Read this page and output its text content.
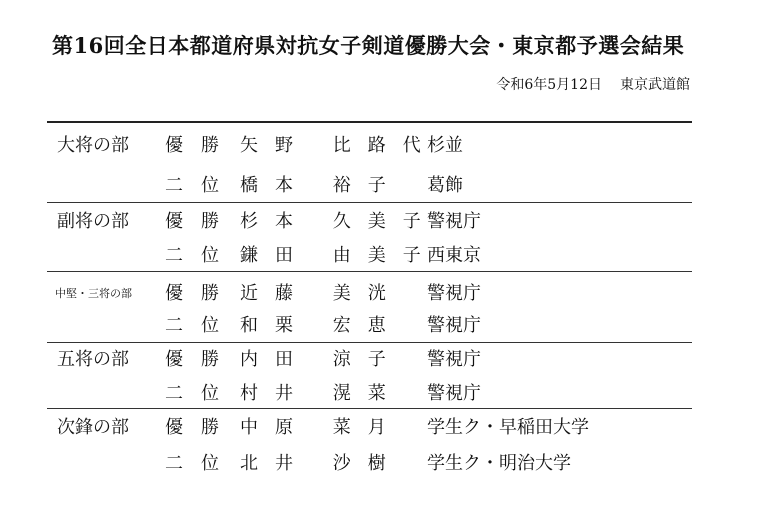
第16回全日本都道府県対抗女子剣道優勝大会・東京都予選会結果
令和6年5月12日 東京武道館
大将の部 優勝 矢野 比路代
杉並
二位 橋本 裕子 葛飾
副将の部 優勝 杉本 久美子
警視庁
二位 鎌田 由美子
西東京
中堅・三将の部 優勝 近藤 美洸 警視庁
二位 和栗 宏恵 警視庁
五将の部 優勝 内田 涼子 警視庁
二位 村井 滉菜 警視庁
次鋒の部 優勝 中原 菜月 学生ク・早稲田大学
二位 北井 沙樹 学生ク・明治大学
